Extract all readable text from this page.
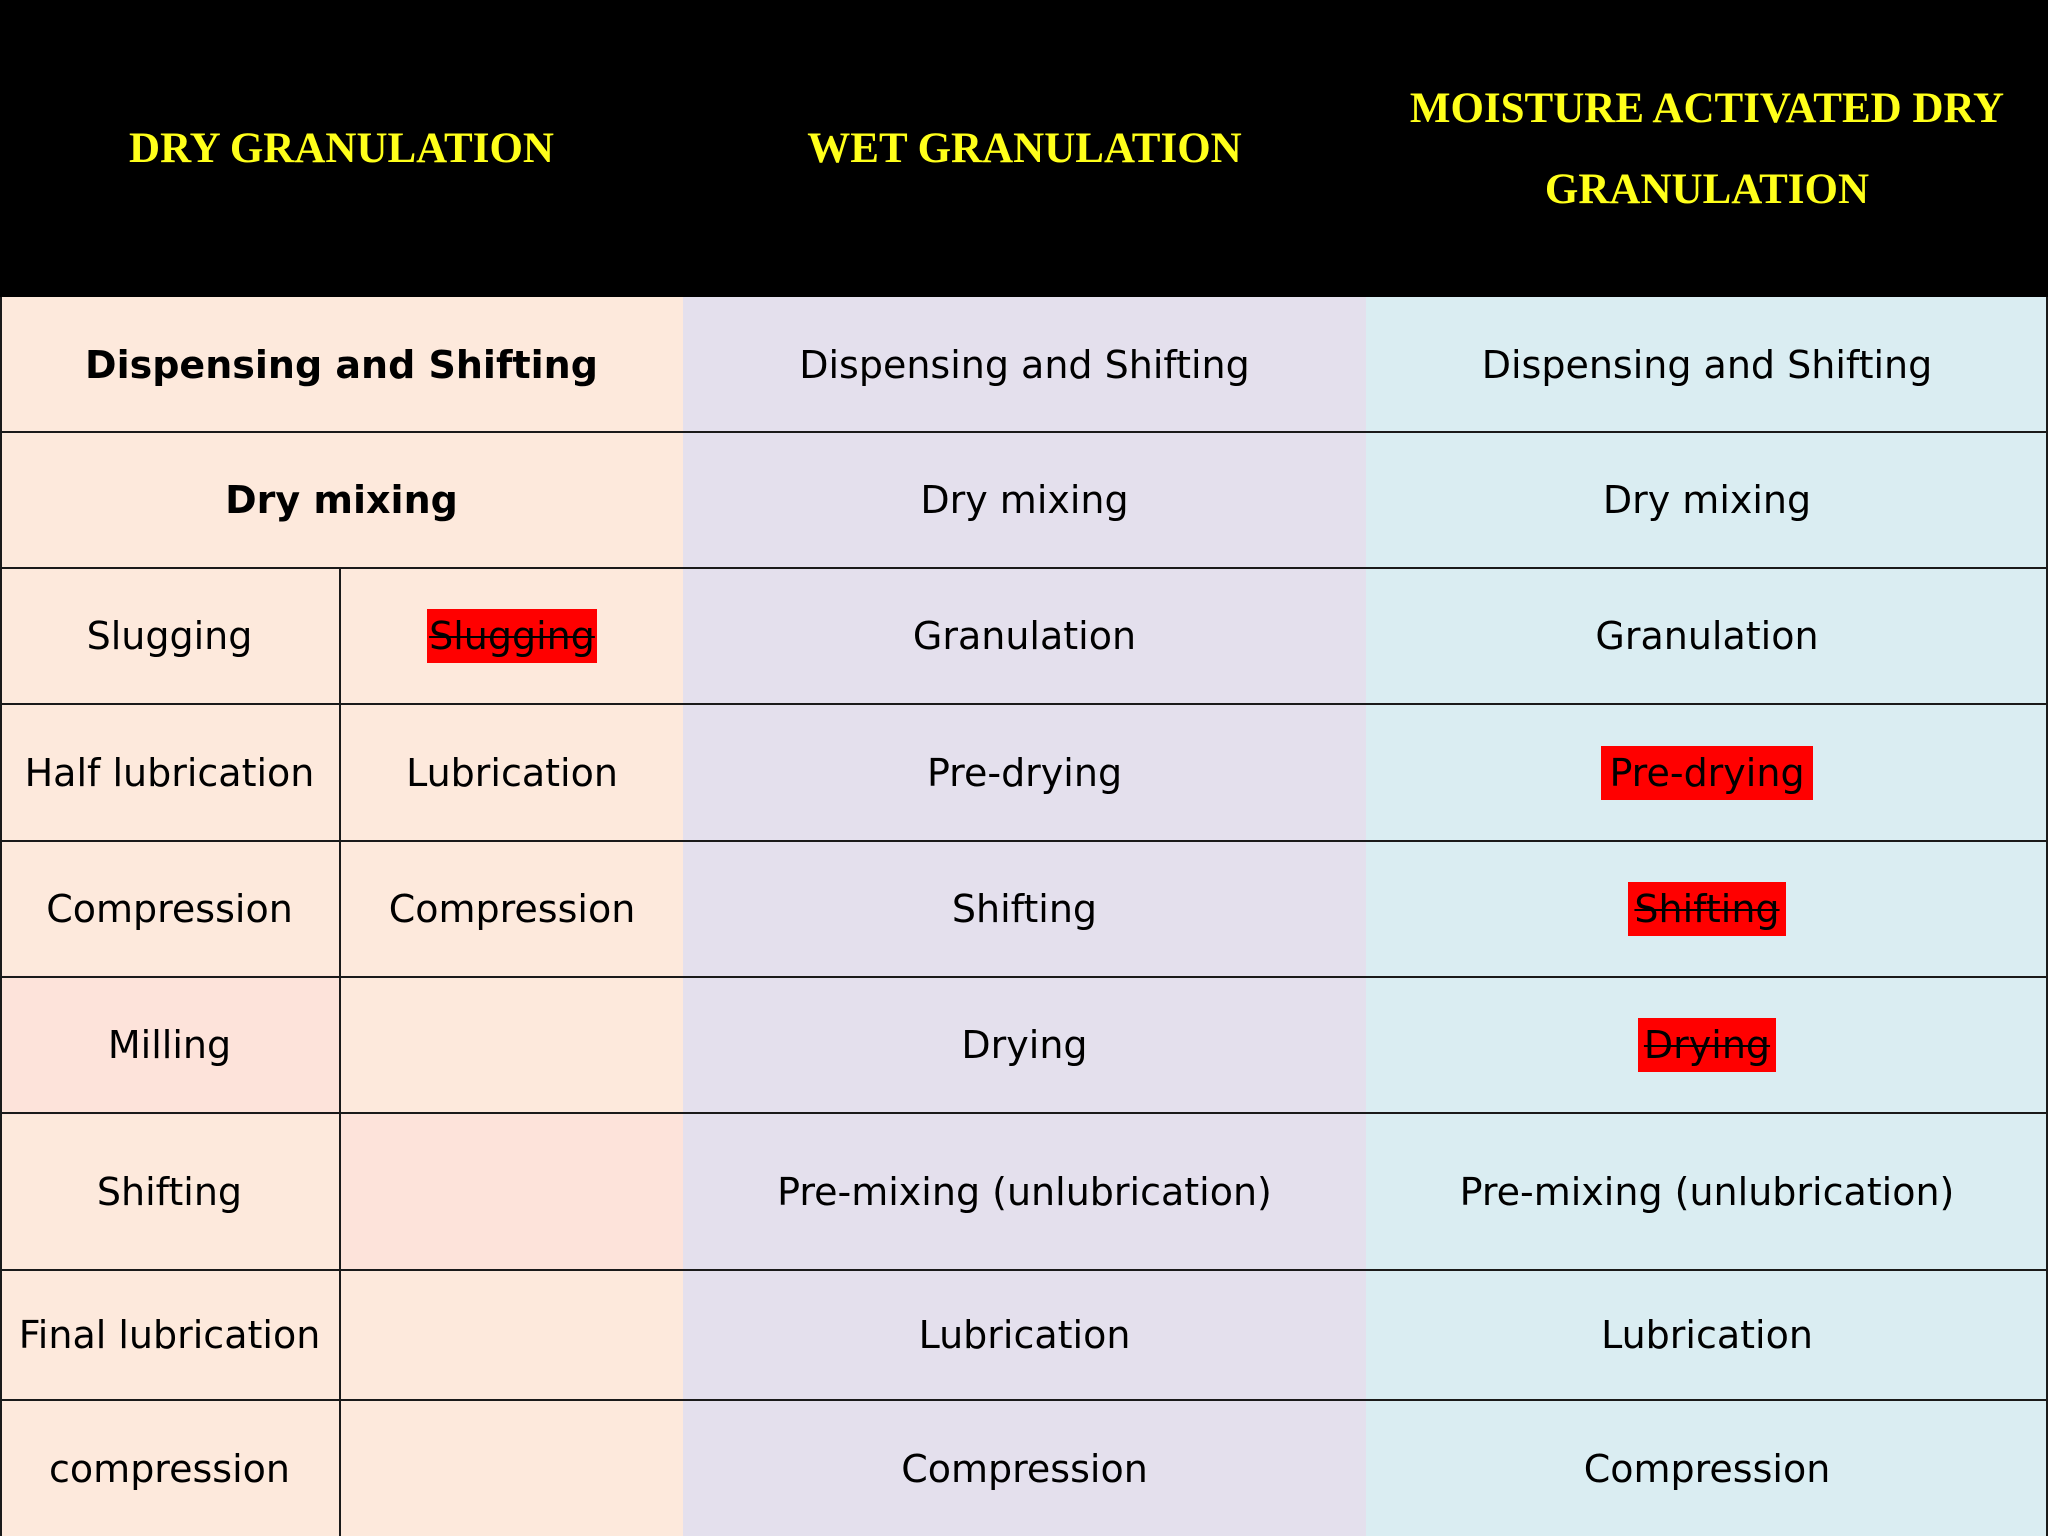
DRY GRANULATION	WET GRANULATION
MOISTURE ACTIVATED DRY
GRANULATION
Dispensing and Shifting
Dry mixing
Slugging
Half lubrication
Compression
Milling
Shifting
Final lubrication
compression
Slugging
Lubrication
Compression
Dispensing and Shifting
Dry mixing
Granulation
Pre-drying
Shifting
Drying
Pre-mixing (unlubrication)
Lubrication
Compression
Dispensing and Shifting
Dry mixing
Granulation
Pre-drying
Shifting
Drying
Pre-mixing (unlubrication)
Lubrication
Compression
